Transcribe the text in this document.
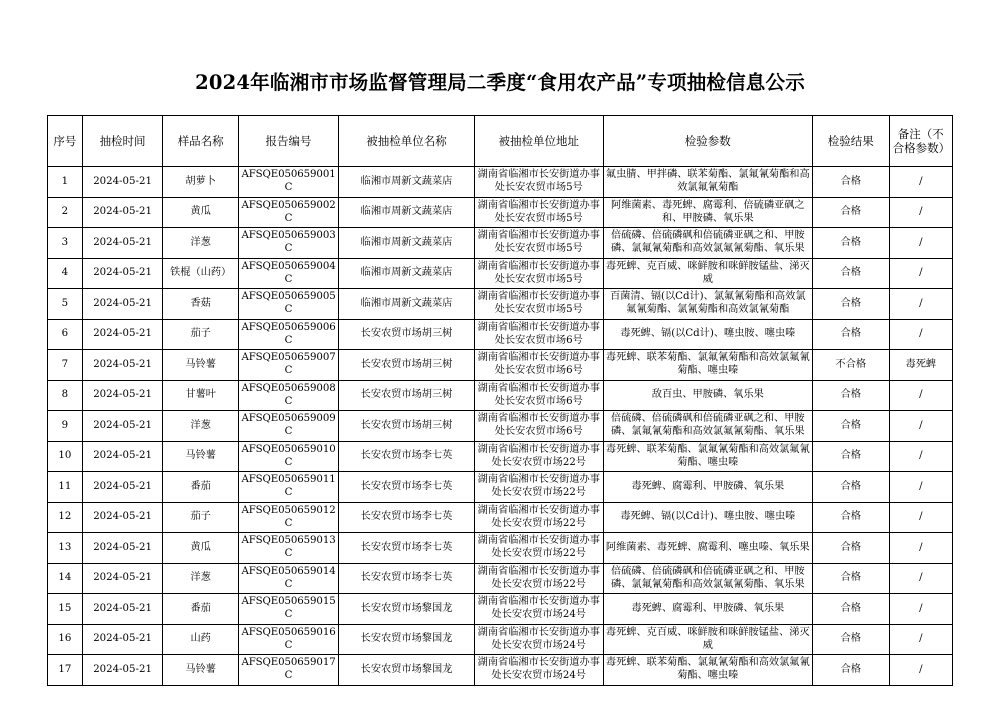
2024年临湘市市场监督管理局二季度“食用农产品”专项抽检信息公示
序号	抽检时间	样品名称	报告编号	被抽检单位名称	被抽检单位地址	检验参数	检验结果	备注（不合格参数）
1	2024-05-21	胡萝卜	AFSQE050659001C	临湘市周新文蔬菜店	湖南省临湘市长安街道办事处长安农贸市场5号	氟虫腈、甲拌磷、联苯菊酯、氯氟氰菊酯和高效氯氟氰菊酯	合格	/
2	2024-05-21	黄瓜	AFSQE050659002C	临湘市周新文蔬菜店	湖南省临湘市长安街道办事处长安农贸市场5号	阿维菌素、毒死蜱、腐霉利、倍硫磷亚砜之和、甲胺磷、氧乐果	合格	/
3	2024-05-21	洋葱	AFSQE050659003C	临湘市周新文蔬菜店	湖南省临湘市长安街道办事处长安农贸市场5号	倍硫磷、倍硫磷砜和倍硫磷亚砜之和、甲胺磷、氯氟氰菊酯和高效氯氟氰菊酯、氧乐果	合格	/
4	2024-05-21	铁棍（山药）	AFSQE050659004C	临湘市周新文蔬菜店	湖南省临湘市长安街道办事处长安农贸市场5号	毒死蜱、克百威、咪鲜胺和咪鲜胺锰盐、涕灭威	合格	/
5	2024-05-21	香菇	AFSQE050659005C	临湘市周新文蔬菜店	湖南省临湘市长安街道办事处长安农贸市场5号	百菌清、镉(以Cd计)、氯氟氰菊酯和高效氯氟氰菊酯、氯氰菊酯和高效氯氰菊酯	合格	/
6	2024-05-21	茄子	AFSQE050659006C	长安农贸市场胡三树	湖南省临湘市长安街道办事处长安农贸市场6号	毒死蜱、镉(以Cd计)、噻虫胺、噻虫嗪	合格	/
7	2024-05-21	马铃薯	AFSQE050659007C	长安农贸市场胡三树	湖南省临湘市长安街道办事处长安农贸市场6号	毒死蜱、联苯菊酯、氯氟氰菊酯和高效氯氟氰菊酯、噻虫嗪	不合格	毒死蜱
8	2024-05-21	甘薯叶	AFSQE050659008C	长安农贸市场胡三树	湖南省临湘市长安街道办事处长安农贸市场6号	敌百虫、甲胺磷、氧乐果	合格	/
9	2024-05-21	洋葱	AFSQE050659009C	长安农贸市场胡三树	湖南省临湘市长安街道办事处长安农贸市场6号	倍硫磷、倍硫磷砜和倍硫磷亚砜之和、甲胺磷、氯氟氰菊酯和高效氯氟氰菊酯、氧乐果	合格	/
10	2024-05-21	马铃薯	AFSQE050659010C	长安农贸市场李七英	湖南省临湘市长安街道办事处长安农贸市场22号	毒死蜱、联苯菊酯、氯氟氰菊酯和高效氯氟氰菊酯、噻虫嗪	合格	/
11	2024-05-21	番茄	AFSQE050659011C	长安农贸市场李七英	湖南省临湘市长安街道办事处长安农贸市场22号	毒死蜱、腐霉利、甲胺磷、氧乐果	合格	/
12	2024-05-21	茄子	AFSQE050659012C	长安农贸市场李七英	湖南省临湘市长安街道办事处长安农贸市场22号	毒死蜱、镉(以Cd计)、噻虫胺、噻虫嗪	合格	/
13	2024-05-21	黄瓜	AFSQE050659013C	长安农贸市场李七英	湖南省临湘市长安街道办事处长安农贸市场22号	阿维菌素、毒死蜱、腐霉利、噻虫嗪、氧乐果	合格	/
14	2024-05-21	洋葱	AFSQE050659014C	长安农贸市场李七英	湖南省临湘市长安街道办事处长安农贸市场22号	倍硫磷、倍硫磷砜和倍硫磷亚砜之和、甲胺磷、氯氟氰菊酯和高效氯氟氰菊酯、氧乐果	合格	/
15	2024-05-21	番茄	AFSQE050659015C	长安农贸市场黎国龙	湖南省临湘市长安街道办事处长安农贸市场24号	毒死蜱、腐霉利、甲胺磷、氧乐果	合格	/
16	2024-05-21	山药	AFSQE050659016C	长安农贸市场黎国龙	湖南省临湘市长安街道办事处长安农贸市场24号	毒死蜱、克百威、咪鲜胺和咪鲜胺锰盐、涕灭威	合格	/
17	2024-05-21	马铃薯	AFSQE050659017C	长安农贸市场黎国龙	湖南省临湘市长安街道办事处长安农贸市场24号	毒死蜱、联苯菊酯、氯氟氰菊酯和高效氯氟氰菊酯、噻虫嗪	合格	/
